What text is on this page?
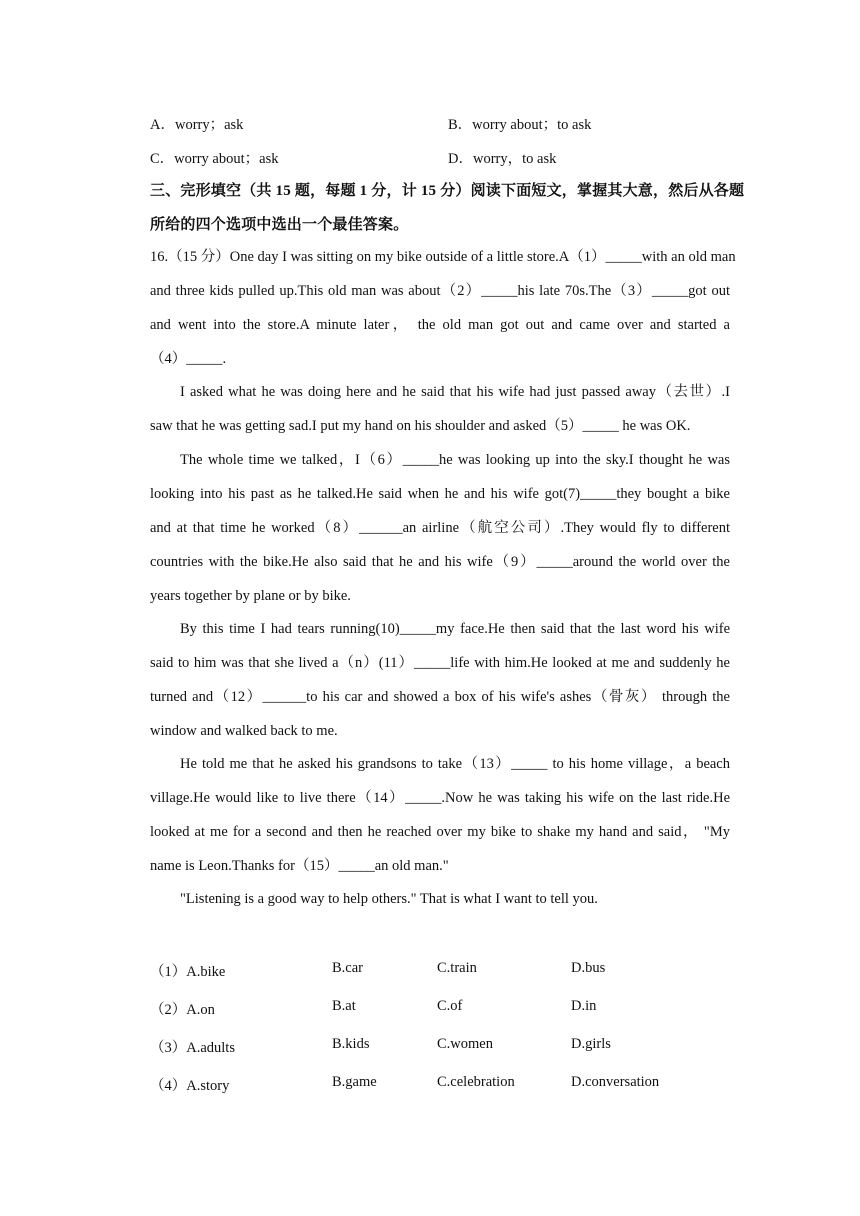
A．worry；ask	B．worry about；to ask
C．worry about；ask	D．worry，to ask
三、完形填空（共 15 题，每题 1 分，计 15 分）阅读下面短文，掌握其大意，然后从各题
所给的四个选项中选出一个最佳答案。
16.（15 分）One day I was sitting on my bike outside of a little store.A（1）_____with an old man
and three kids pulled up.This old man was about（2）_____his late 70s.The（3）_____got out
and went into the store.A minute later， the old man got out and came over and started a
（4）_____.
I asked what he was doing here and he said that his wife had just passed away（去世）.I
saw that he was getting sad.I put my hand on his shoulder and asked（5）_____ he was OK.
The whole time we talked，I（6）_____he was looking up into the sky.I thought he was
looking into his past as he talked.He said when he and his wife got(7)_____they bought a bike
and at that time he worked（8）______an airline（航空公司）.They would fly to different
countries with the bike.He also said that he and his wife（9）_____around the world over the
years together by plane or by bike.
By this time I had tears running(10)_____my face.He then said that the last word his wife
said to him was that she lived a（n）(11）_____life with him.He looked at me and suddenly he
turned and（12）______to his car and showed a box of his wife's ashes（骨灰） through the
window and walked back to me.
He told me that he asked his grandsons to take（13）_____ to his home village，a beach
village.He would like to live there（14）_____.Now he was taking his wife on the last ride.He
looked at me for a second and then he reached over my bike to shake my hand and said， "My
name is Leon.Thanks for（15）_____an old man."
"Listening is a good way to help others." That is what I want to tell you.
（1）A.bike	B.car	C.train	D.bus
（2）A.on	B.at	C.of	D.in
（3）A.adults	B.kids	C.women	D.girls
（4）A.story	B.game	C.celebration	D.conversation
